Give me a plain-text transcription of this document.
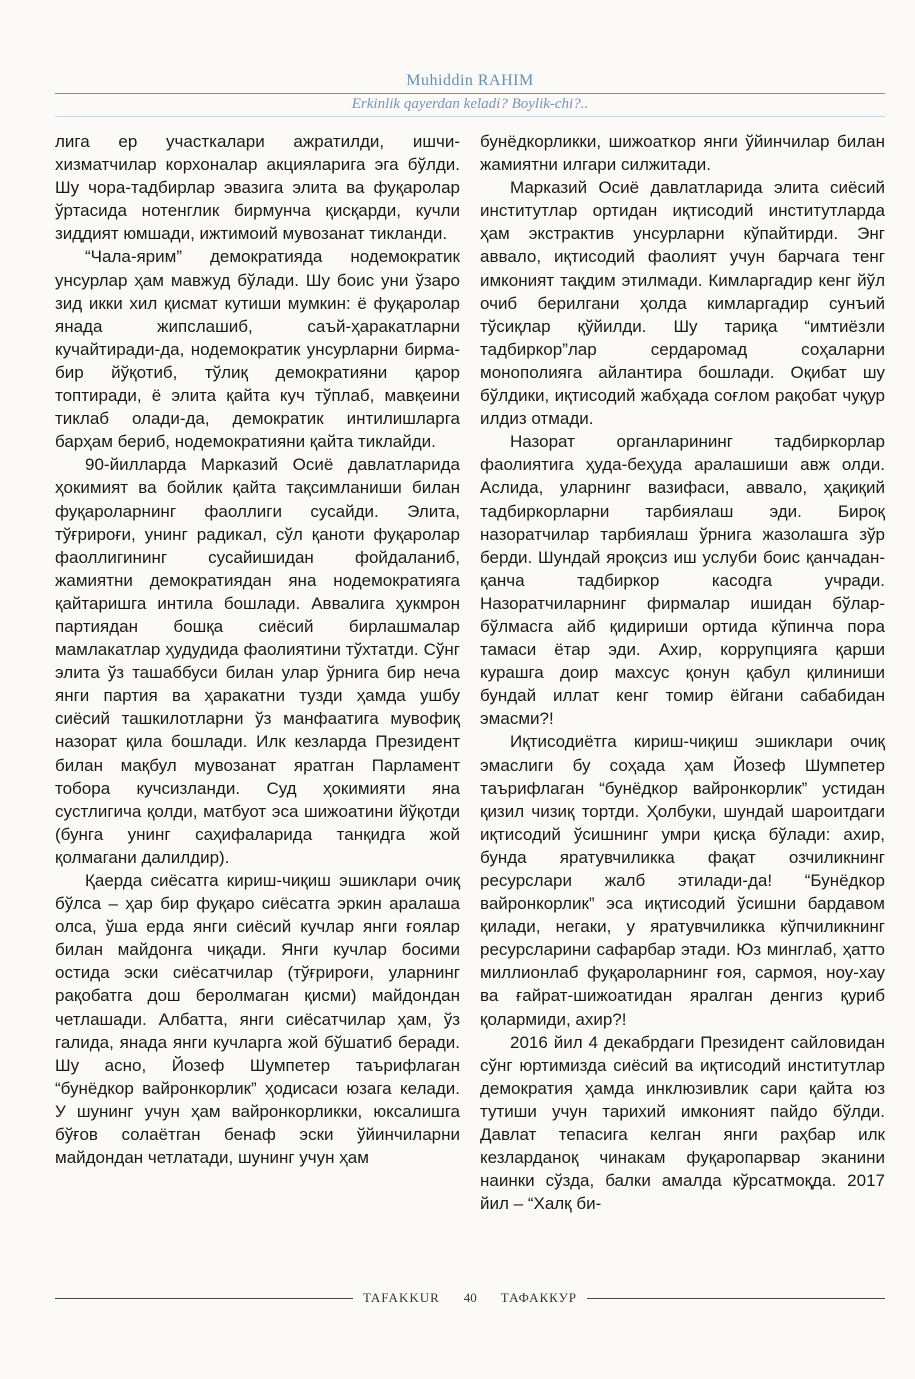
Muhiddin RAHIM
Erkinlik qayerdan keladi? Boylik-chi?..

лига ер участкалари ажратилди, ишчи-хизматчилар корхоналар акцияларига эга бўлди. Шу чора-тадбирлар эвазига элита ва фуқаролар ўртасида нотенглик бирмунча қисқарди, кучли зиддият юмшади, ижтимоий мувозанат тикланди.

“Чала-ярим” демократияда нодемократик унсурлар ҳам мавжуд бўлади. Шу боис уни ўзаро зид икки хил қисмат кутиши мумкин: ё фуқаролар янада жипслашиб, саъй-ҳаракатларни кучайтиради-да, нодемократик унсурларни бирма-бир йўқотиб, тўлиқ демократияни қарор топтиради, ё элита қайта куч тўплаб, мавқеини тиклаб олади-да, демократик интилишларга барҳам бериб, нодемократияни қайта тиклайди.

90-йилларда Марказий Осиё давлатларида ҳокимият ва бойлик қайта тақсимланиши билан фуқароларнинг фаоллиги сусайди. Элита, тўғрироғи, унинг радикал, сўл қаноти фуқаролар фаоллигининг сусайишидан фойдаланиб, жамиятни демократиядан яна нодемократияга қайтаришга интила бошлади. Аввалига ҳукмрон партиядан бошқа сиёсий бирлашмалар мамлакатлар ҳудудида фаолиятини тўхтатди. Сўнг элита ўз ташаббуси билан улар ўрнига бир неча янги партия ва ҳаракатни тузди ҳамда ушбу сиёсий ташкилотларни ўз манфаатига мувофиқ назорат қила бошлади. Илк кезларда Президент билан мақбул мувозанат яратган Парламент тобора кучсизланди. Суд ҳокимияти яна суcтлигича қолди, матбуот эса шижоатини йўқотди (бунга унинг саҳифаларида танқидга жой қолмагани далилдир).

Қаерда сиёсатга кириш-чиқиш эшиклари очиқ бўлса – ҳар бир фуқаро сиёсатга эркин аралаша олса, ўша ерда янги сиёсий кучлар янги ғоялар билан майдонга чиқади. Янги кучлар босими остида эски сиёсатчилар (тўғрироғи, уларнинг рақобатга дош беролмаган қисми) майдондан четлашади. Албатта, янги сиёсатчилар ҳам, ўз галида, янада янги кучларга жой бўшатиб беради. Шу асно, Йозеф Шумпетер таърифлаган “бунёдкор вайронкорлик” ҳодисаси юзага келади. У шунинг учун ҳам вайронкорликки, юксалишга бўғов солаётган бенаф эски ўйинчиларни майдондан четлатади, шунинг учун ҳам

бунёдкорликки, шижоаткор янги ўйинчилар билан жамиятни илгари силжитади.

Марказий Осиё давлатларида элита сиёсий институтлар ортидан иқтисодий институтларда ҳам экстрактив унсурларни кўпайтирди. Энг аввало, иқтисодий фаолият учун барчага тенг имконият тақдим этилмади. Кимларгадир кенг йўл очиб берилгани ҳолда кимларгадир сунъий тўсиқлар қўйилди. Шу тариқа “имтиёзли тадбиркор”лар сердаромад соҳаларни монополияга айлантира бошлади. Оқибат шу бўлдики, иқтисодий жабҳада соғлом рақобат чуқур илдиз отмади.

Назорат органларининг тадбиркорлар фаолиятига ҳуда-беҳуда аралашиши авж олди. Аслида, уларнинг вазифаси, аввало, ҳақиқий тадбиркорларни тарбиялаш эди. Бироқ назоратчилар тарбиялаш ўрнига жазолашга зўр берди. Шундай яроқсиз иш услуби боис қанчадан-қанча тадбиркор касодга учради. Назоратчиларнинг фирмалар ишидан бўлар-бўлмасга айб қидириши ортида кўпинча пора тамаси ётар эди. Ахир, коррупцияга қарши курашга доир махсус қонун қабул қилиниши бундай иллат кенг томир ёйгани сабабидан эмасми?!

Иқтисодиётга кириш-чиқиш эшиклари очиқ эмаслиги бу соҳада ҳам Йозеф Шумпетер таърифлаган “бунёдкор вайронкорлик” устидан қизил чизиқ тортди. Ҳолбуки, шундай шароитдаги иқтисодий ўсишнинг умри қисқа бўлади: ахир, бунда яратувчиликка фақат озчиликнинг ресурслари жалб этилади-да! “Бунёдкор вайронкорлик” эса иқтисодий ўсишни бардавом қилади, негаки, у яратувчиликка кўпчиликнинг ресурсларини сафарбар этади. Юз минглаб, ҳатто миллионлаб фуқароларнинг ғоя, сармоя, ноу-хау ва ғайрат-шижоатидан яралган денгиз қуриб қолармиди, ахир?!

2016 йил 4 декабрдаги Президент сайловидан сўнг юртимизда сиёсий ва иқтисодий институтлар демократия ҳамда инклюзивлик сари қайта юз тутиши учун тарихий имконият пайдо бўлди. Давлат тепасига келган янги раҳбар илк кезларданоқ чинакам фуқаропарвар эканини наинки сўзда, балки амалда кўрсатмоқда. 2017 йил – “Халқ би-

TAFAKKUR	40	ТАФАККУР
